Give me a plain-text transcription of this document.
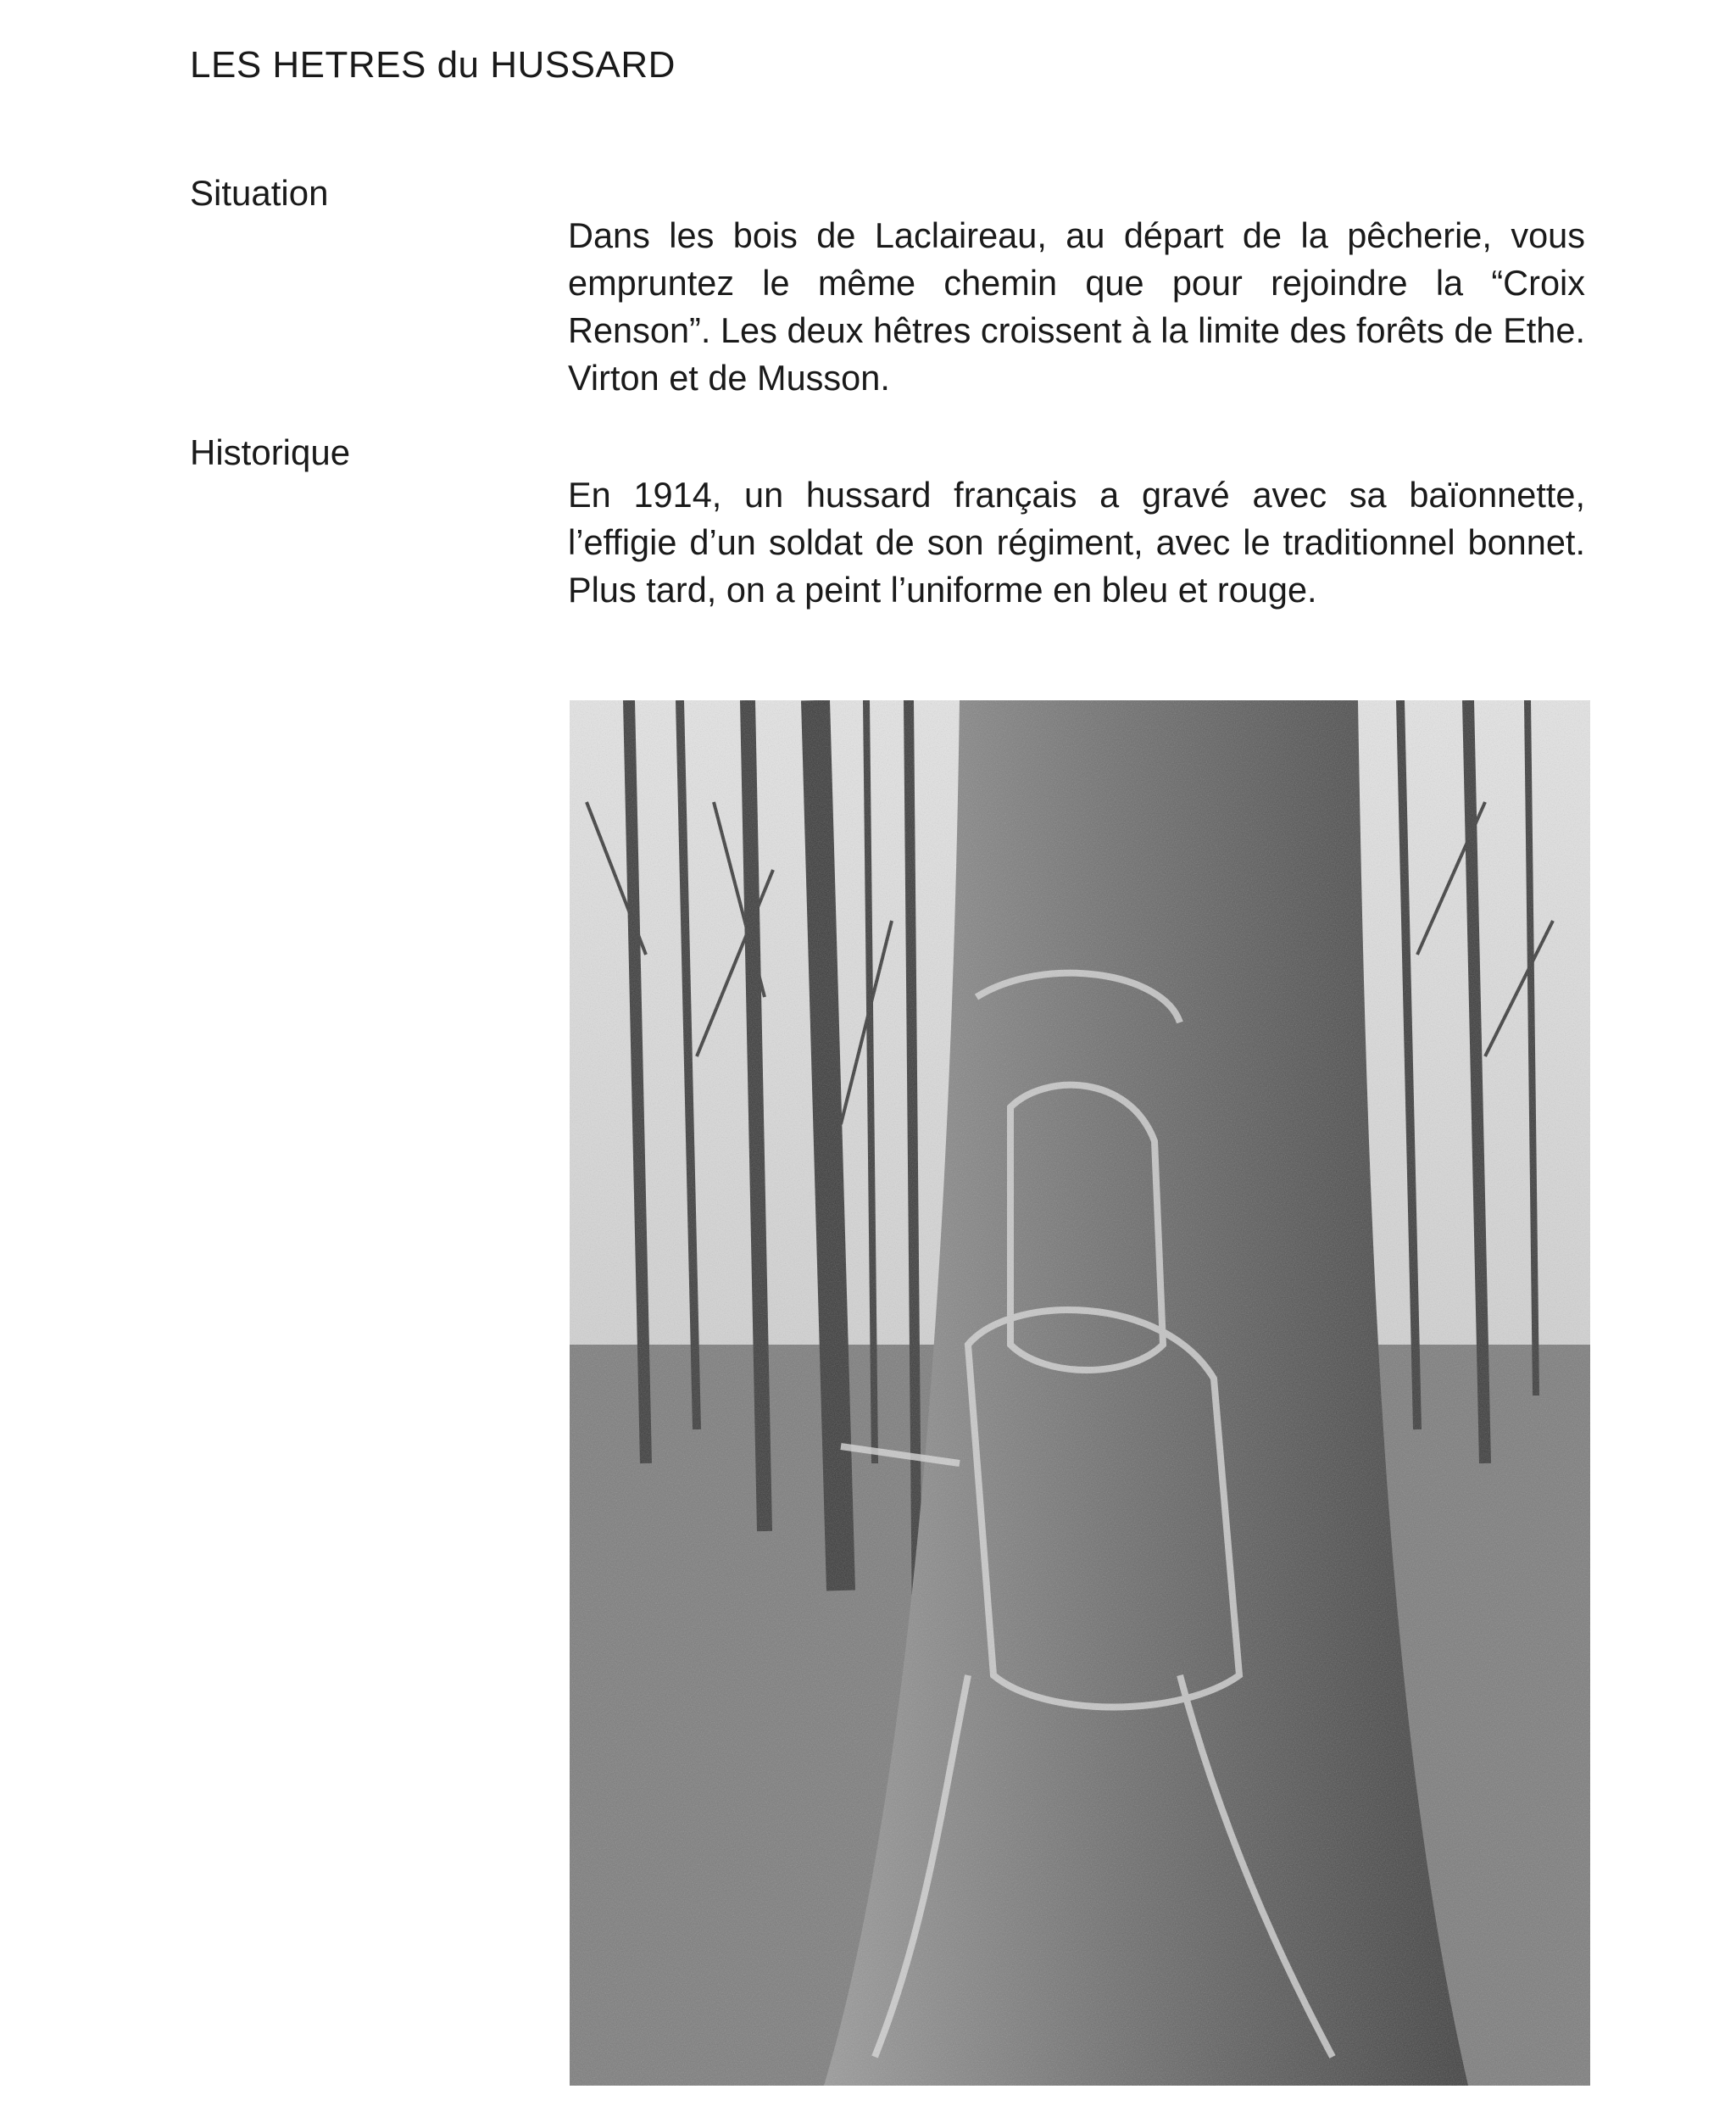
LES HETRES du HUSSARD
Situation
Dans les bois de Laclaireau, au départ de la pêcherie, vous empruntez le même chemin que pour rejoindre la “Croix Renson”. Les deux hêtres croissent à la limite des forêts de Ethe. Virton et de Musson.
Historique
En 1914, un hussard français a gravé avec sa baïonnette, l’effigie d’un soldat de son régiment, avec le traditionnel bonnet. Plus tard, on a peint l’uniforme en bleu et rouge.
